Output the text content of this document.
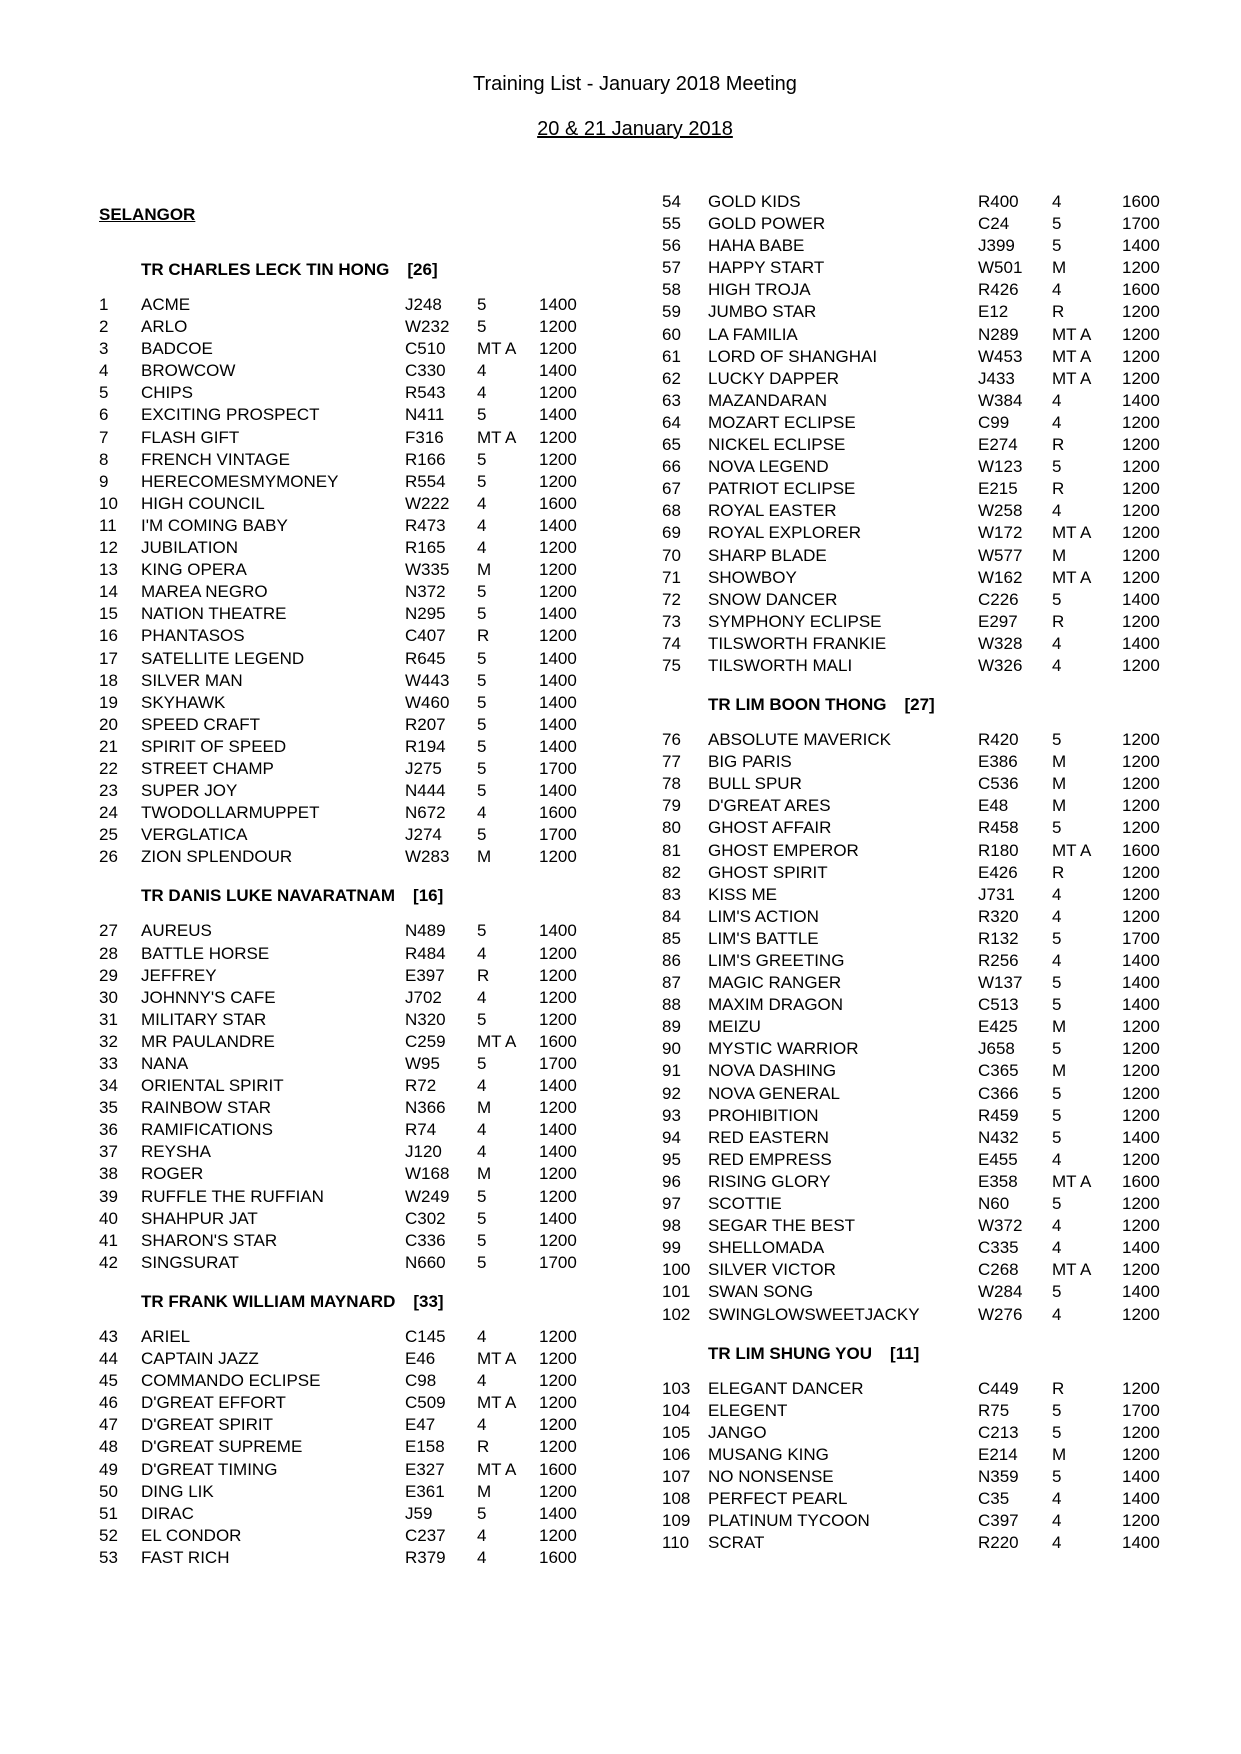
Training List - January 2018 Meeting
20 & 21 January 2018
SELANGOR
TR CHARLES LECK TIN HONG [26]
1 ACME	J248 5	1400
2 ARLO	W232 5	1200
3 BADCOE	C510 MT A 1200
4 BROWCOW	C330 4	1400
5 CHIPS	R543 4	1200
6 EXCITING PROSPECT	N411 5	1400
7 FLASH GIFT	F316 MT A 1200
8 FRENCH VINTAGE	R166 5	1200
9 HERECOMESMYMONEY	R554 5	1200
10 HIGH COUNCIL	W222 4	1600
11 I'M COMING BABY	R473 4	1400
12 JUBILATION	R165 4	1200
13 KING OPERA	W335 M	1200
14 MAREA NEGRO	N372 5	1200
15 NATION THEATRE	N295 5	1400
16 PHANTASOS	C407 R	1200
17 SATELLITE LEGEND	R645 5	1400
18 SILVER MAN	W443 5	1400
19 SKYHAWK	W460 5	1400
20 SPEED CRAFT	R207 5	1400
21 SPIRIT OF SPEED	R194 5	1400
22 STREET CHAMP	J275 5	1700
23 SUPER JOY	N444 5	1400
24 TWODOLLARMUPPET	N672 4	1600
25 VERGLATICA	J274 5	1700
26 ZION SPLENDOUR	W283 M	1200
TR DANIS LUKE NAVARATNAM [16]
27 AUREUS	N489 5	1400
28 BATTLE HORSE	R484 4	1200
29 JEFFREY	E397 R	1200
30 JOHNNY'S CAFE	J702 4	1200
31 MILITARY STAR	N320 5	1200
32 MR PAULANDRE	C259 MT A 1600
33 NANA	W95 5	1700
34 ORIENTAL SPIRIT	R72 4	1400
35 RAINBOW STAR	N366 M	1200
36 RAMIFICATIONS	R74 4	1400
37 REYSHA	J120 4	1400
38 ROGER	W168 M	1200
39 RUFFLE THE RUFFIAN	W249 5	1200
40 SHAHPUR JAT	C302 5	1400
41 SHARON'S STAR	C336 5	1200
42 SINGSURAT	N660 5	1700
TR FRANK WILLIAM MAYNARD [33]
43 ARIEL	C145 4	1200
44 CAPTAIN JAZZ	E46 MT A 1200
45 COMMANDO ECLIPSE	C98 4	1200
46 D'GREAT EFFORT	C509 MT A 1200
47 D'GREAT SPIRIT	E47 4	1200
48 D'GREAT SUPREME	E158 R	1200
49 D'GREAT TIMING	E327 MT A 1600
50 DING LIK	E361 M	1200
51 DIRAC	J59	5	1400
52 EL CONDOR	C237 4	1200
53 FAST RICH	R379 4	1600
54 GOLD KIDS	R400 4	1600
55 GOLD POWER	C24	5	1700
56 HAHA BABE	J399 5	1400
57 HAPPY START	W501 M	1200
58 HIGH TROJA	R426 4	1600
59 JUMBO STAR	E12	R	1200
60 LA FAMILIA	N289 MT A 1200
61 LORD OF SHANGHAI	W453 MT A 1200
62 LUCKY DAPPER	J433 MT A 1200
63 MAZANDARAN	W384 4	1400
64 MOZART ECLIPSE	C99	4	1200
65 NICKEL ECLIPSE	E274 R	1200
66 NOVA LEGEND	W123 5	1200
67 PATRIOT ECLIPSE	E215 R	1200
68 ROYAL EASTER	W258 4	1200
69 ROYAL EXPLORER	W172 MT A 1200
70 SHARP BLADE	W577 M	1200
71 SHOWBOY	W162 MT A 1200
72 SNOW DANCER	C226 5	1400
73 SYMPHONY ECLIPSE	E297 R	1200
74 TILSWORTH FRANKIE	W328 4	1400
75 TILSWORTH MALI	W326 4	1200
TR LIM BOON THONG [27]
76 ABSOLUTE MAVERICK	R420 5	1200
77 BIG PARIS	E386 M	1200
78 BULL SPUR	C536 M	1200
79 D'GREAT ARES	E48	M	1200
80 GHOST AFFAIR	R458 5	1200
81 GHOST EMPEROR	R180 MT A 1600
82 GHOST SPIRIT	E426 R	1200
83 KISS ME	J731 4	1200
84 LIM'S ACTION	R320 4	1200
85 LIM'S BATTLE	R132 5	1700
86 LIM'S GREETING	R256 4	1400
87 MAGIC RANGER	W137 5	1400
88 MAXIM DRAGON	C513 5	1400
89 MEIZU	E425 M	1200
90 MYSTIC WARRIOR	J658 5	1200
91 NOVA DASHING	C365 M	1200
92 NOVA GENERAL	C366 5	1200
93 PROHIBITION	R459 5	1200
94 RED EASTERN	N432 5	1400
95 RED EMPRESS	E455 4	1200
96 RISING GLORY	E358 MT A 1600
97 SCOTTIE	N60	5	1200
98 SEGAR THE BEST	W372 4	1200
99 SHELLOMADA	C335 4	1400
100 SILVER VICTOR	C268 MT A 1200
101 SWAN SONG	W284 5	1400
102 SWINGLOWSWEETJACKY	W276 4	1200
TR LIM SHUNG YOU [11]
103 ELEGANT DANCER	C449 R	1200
104 ELEGENT	R75	5	1700
105 JANGO	C213 5	1200
106 MUSANG KING	E214 M	1200
107 NO NONSENSE	N359 5	1400
108 PERFECT PEARL	C35	4	1400
109 PLATINUM TYCOON	C397 4	1200
110 SCRAT	R220 4	1400
